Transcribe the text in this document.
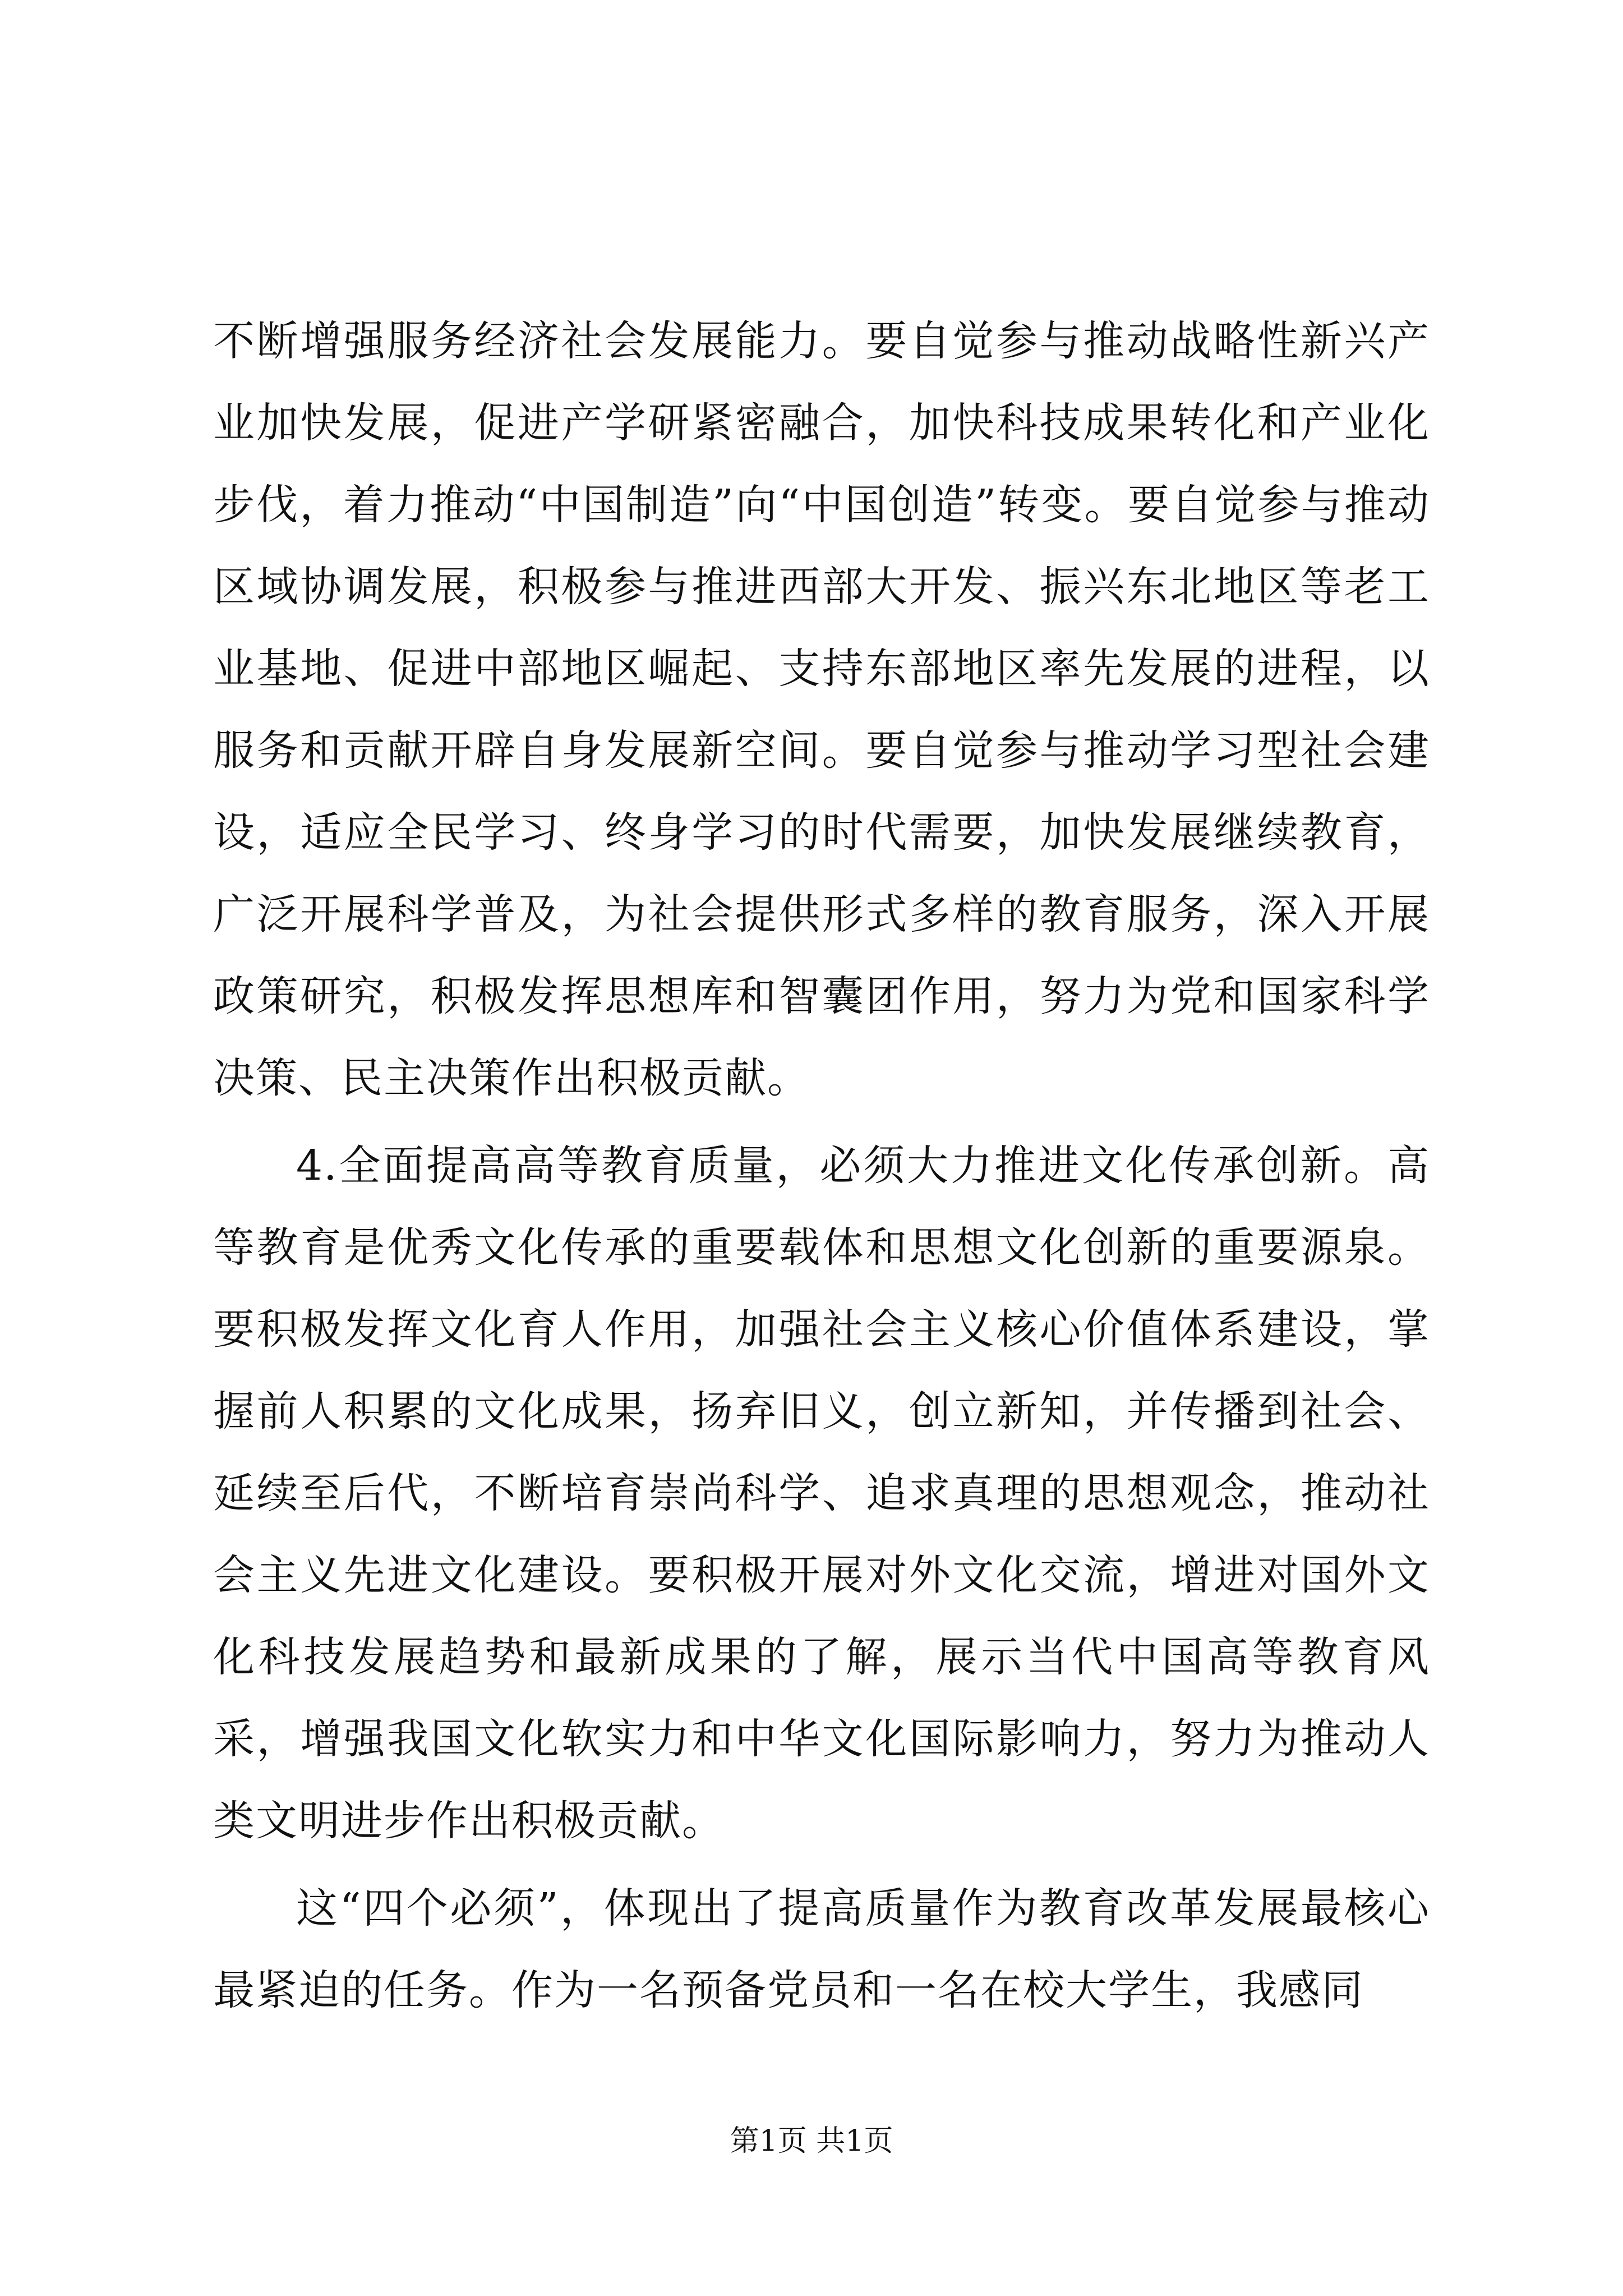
不断增强服务经济社会发展能力。要自觉参与推动战略性新兴产业加快发展，促进产学研紧密融合，加快科技成果转化和产业化步伐，着力推动“中国制造”向“中国创造”转变。要自觉参与推动区域协调发展，积极参与推进西部大开发、振兴东北地区等老工业基地、促进中部地区崛起、支持东部地区率先发展的进程，以服务和贡献开辟自身发展新空间。要自觉参与推动学习型社会建设，适应全民学习、终身学习的时代需要，加快发展继续教育，广泛开展科学普及，为社会提供形式多样的教育服务，深入开展政策研究，积极发挥思想库和智囊团作用，努力为党和国家科学决策、民主决策作出积极贡献。

4.全面提高高等教育质量，必须大力推进文化传承创新。高等教育是优秀文化传承的重要载体和思想文化创新的重要源泉。要积极发挥文化育人作用，加强社会主义核心价值体系建设，掌握前人积累的文化成果，扬弃旧义，创立新知，并传播到社会、延续至后代，不断培育崇尚科学、追求真理的思想观念，推动社会主义先进文化建设。要积极开展对外文化交流，增进对国外文化科技发展趋势和最新成果的了解，展示当代中国高等教育风采，增强我国文化软实力和中华文化国际影响力，努力为推动人类文明进步作出积极贡献。

这“四个必须”，体现出了提高质量作为教育改革发展最核心最紧迫的任务。作为一名预备党员和一名在校大学生，我感同

第1页 共1页
